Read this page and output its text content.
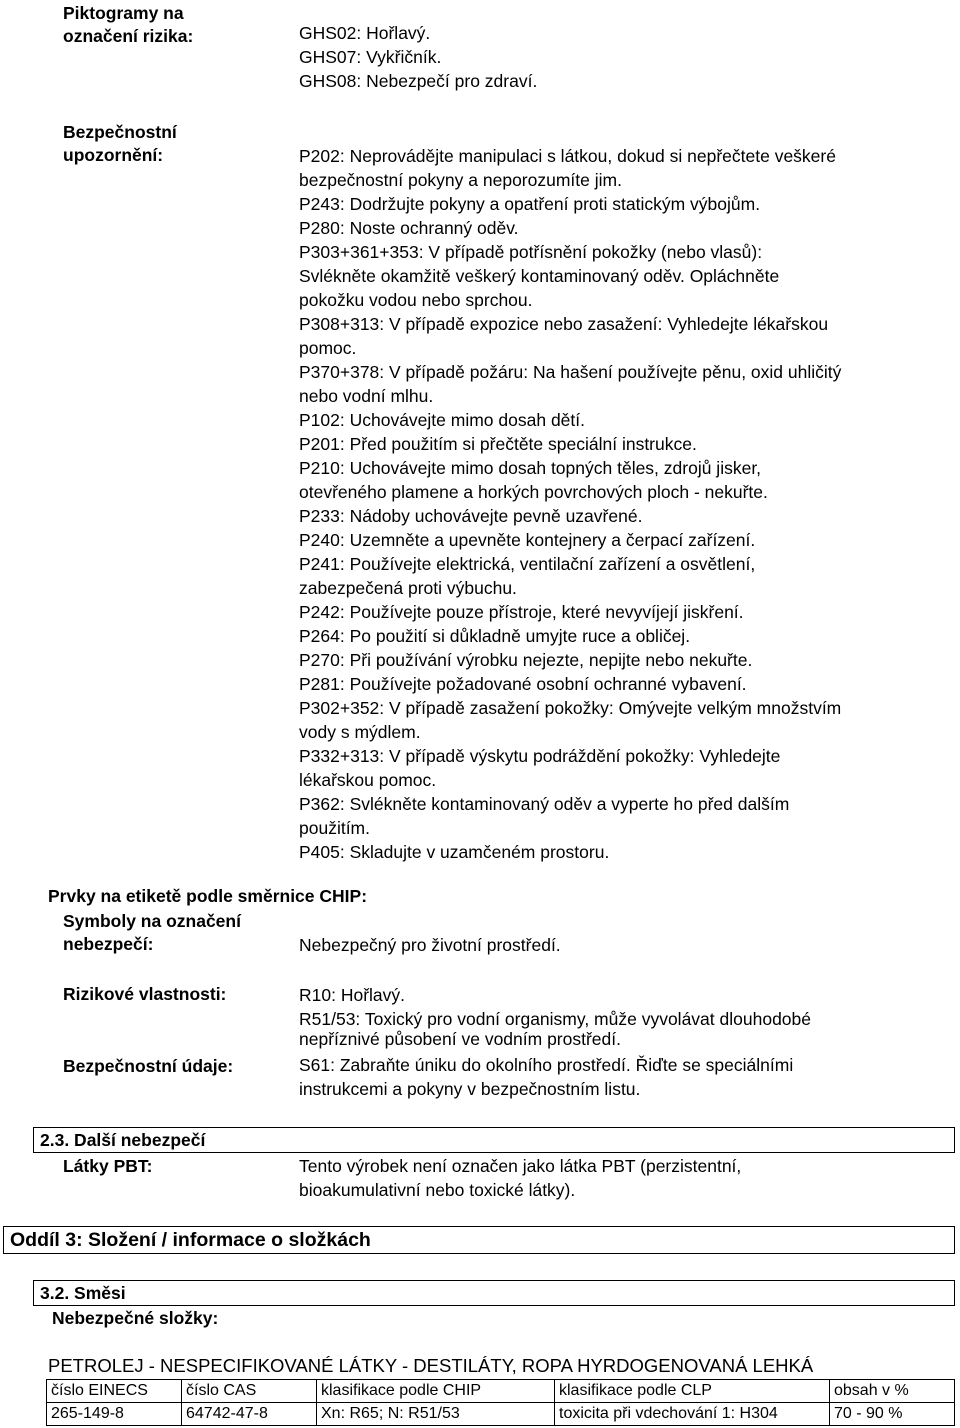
Piktogramy na
označení rizika:	GHS02: Hořlavý.
GHS07: Vykřičník.
GHS08: Nebezpečí pro zdraví.
Bezpečnostní
upozornění:	P202: Neprovádějte manipulaci s látkou, dokud si nepřečtete veškeré
bezpečnostní pokyny a neporozumíte jim.
P243: Dodržujte pokyny a opatření proti statickým výbojům.
P280: Noste ochranný oděv.
P303+361+353: V případě potřísnění pokožky (nebo vlasů):
Svlékněte okamžitě veškerý kontaminovaný oděv. Opláchněte
pokožku vodou nebo sprchou.
P308+313: V případě expozice nebo zasažení: Vyhledejte lékařskou
pomoc.
P370+378: V případě požáru: Na hašení používejte pěnu, oxid uhličitý
nebo vodní mlhu.
P102: Uchovávejte mimo dosah dětí.
P201: Před použitím si přečtěte speciální instrukce.
P210: Uchovávejte mimo dosah topných těles, zdrojů jisker,
otevřeného plamene a horkých povrchových ploch - nekuřte.
P233: Nádoby uchovávejte pevně uzavřené.
P240: Uzemněte a upevněte kontejnery a čerpací zařízení.
P241: Používejte elektrická, ventilační zařízení a osvětlení,
zabezpečená proti výbuchu.
P242: Používejte pouze přístroje, které nevyvíjejí jiskření.
P264: Po použití si důkladně umyjte ruce a obličej.
P270: Při používání výrobku nejezte, nepijte nebo nekuřte.
P281: Používejte požadované osobní ochranné vybavení.
P302+352: V případě zasažení pokožky: Omývejte velkým množstvím
vody s mýdlem.
P332+313: V případě výskytu podráždění pokožky: Vyhledejte
lékařskou pomoc.
P362: Svlékněte kontaminovaný oděv a vyperte ho před dalším
použitím.
P405: Skladujte v uzamčeném prostoru.
Prvky na etiketě podle směrnice CHIP:
Symboly na označení
nebezpečí:	Nebezpečný pro životní prostředí.
Rizikové vlastnosti:	R10: Hořlavý.
R51/53: Toxický pro vodní organismy, může vyvolávat dlouhodobé
nepříznivé působení ve vodním prostředí.
Bezpečnostní údaje:	S61: Zabraňte úniku do okolního prostředí. Řiďte se speciálními
instrukcemi a pokyny v bezpečnostním listu.
2.3. Další nebezpečí
Látky PBT:	Tento výrobek není označen jako látka PBT (perzistentní,
bioakumulativní nebo toxické látky).
Oddíl 3: Složení / informace o složkách
3.2. Směsi
Nebezpečné složky:
PETROLEJ - NESPECIFIKOVANÉ LÁTKY - DESTILÁTY, ROPA HYRDOGENOVANÁ LEHKÁ
číslo EINECS	číslo CAS	klasifikace podle CHIP	klasifikace podle CLP	obsah v %
265-149-8	64742-47-8	Xn: R65; N: R51/53	toxicita při vdechování 1: H304	70 - 90 %
